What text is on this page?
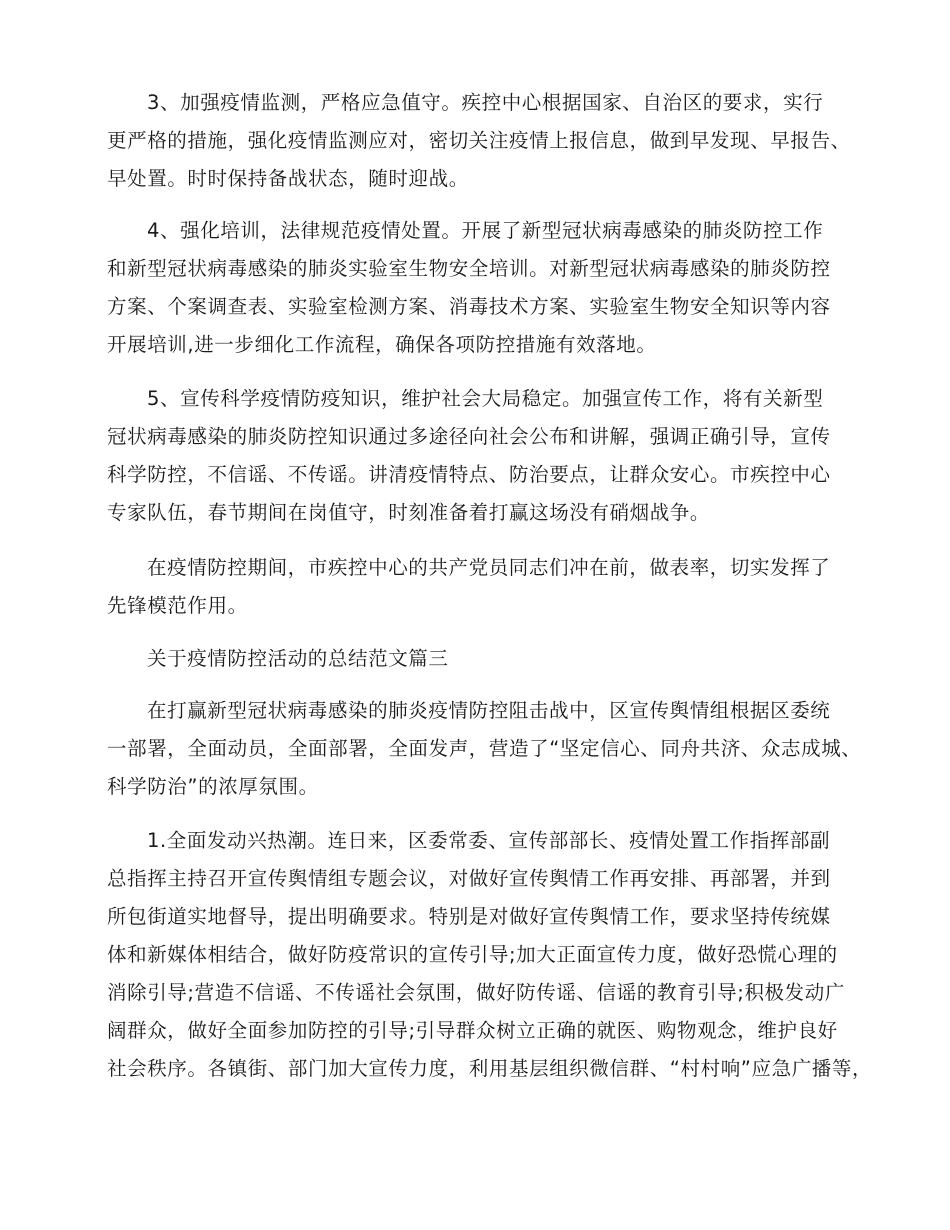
3、加强疫情监测，严格应急值守。疾控中心根据国家、自治区的要求，实行
更严格的措施，强化疫情监测应对，密切关注疫情上报信息，做到早发现、早报告、
早处置。时时保持备战状态，随时迎战。
4、强化培训，法律规范疫情处置。开展了新型冠状病毒感染的肺炎防控工作
和新型冠状病毒感染的肺炎实验室生物安全培训。对新型冠状病毒感染的肺炎防控
方案、个案调查表、实验室检测方案、消毒技术方案、实验室生物安全知识等内容
开展培训,进一步细化工作流程，确保各项防控措施有效落地。
5、宣传科学疫情防疫知识，维护社会大局稳定。加强宣传工作，将有关新型
冠状病毒感染的肺炎防控知识通过多途径向社会公布和讲解，强调正确引导，宣传
科学防控，不信谣、不传谣。讲清疫情特点、防治要点，让群众安心。市疾控中心
专家队伍，春节期间在岗值守，时刻准备着打赢这场没有硝烟战争。
在疫情防控期间，市疾控中心的共产党员同志们冲在前，做表率，切实发挥了
先锋模范作用。
关于疫情防控活动的总结范文篇三
在打赢新型冠状病毒感染的肺炎疫情防控阻击战中，区宣传舆情组根据区委统
一部署，全面动员，全面部署，全面发声，营造了“坚定信心、同舟共济、众志成城、
科学防治”的浓厚氛围。
1.全面发动兴热潮。连日来，区委常委、宣传部部长、疫情处置工作指挥部副
总指挥主持召开宣传舆情组专题会议，对做好宣传舆情工作再安排、再部署，并到
所包街道实地督导，提出明确要求。特别是对做好宣传舆情工作，要求坚持传统媒
体和新媒体相结合，做好防疫常识的宣传引导;加大正面宣传力度，做好恐慌心理的
消除引导;营造不信谣、不传谣社会氛围，做好防传谣、信谣的教育引导;积极发动广
阔群众，做好全面参加防控的引导;引导群众树立正确的就医、购物观念，维护良好
社会秩序。各镇街、部门加大宣传力度，利用基层组织微信群、“村村响”应急广播等，
